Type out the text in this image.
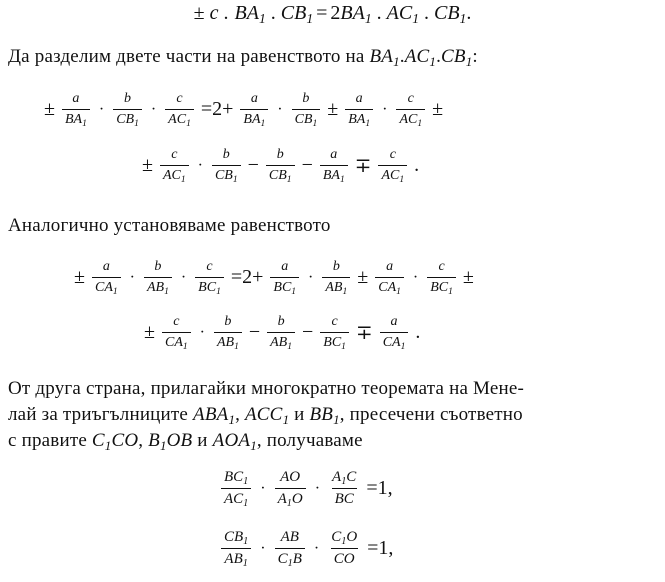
± c . $BA_1$ . $CB_1 = 2$ $BA_1$ . $AC_1$ . $CB_1$ .
Да разделим двете части на равенството на $BA_1.AC_1.CB_1$:
± $\frac{a}{BA_1} \cdot \frac{b}{CB_1} \cdot \frac{c}{AC_1} =2+ \frac{a}{BA_1} \cdot \frac{b}{CB_1} \pm \frac{a}{BA_1} \cdot \frac{c}{AC_1}$ ±
± $\frac{c}{AC_1} \cdot \frac{b}{CB_1} - \frac{b}{CB_1} - \frac{a}{BA_1} \mp \frac{c}{AC_1}$ .
Аналогично установяваме равенството
± $\frac{a}{CA_1} \cdot \frac{b}{AB_1} \cdot \frac{c}{BC_1} =2+ \frac{a}{BC_1} \cdot \frac{b}{AB_1} \pm \frac{a}{CA_1} \cdot \frac{c}{BC_1}$ ±
± $\frac{c}{CA_1} \cdot \frac{b}{AB_1} - \frac{b}{AB_1} - \frac{c}{BC_1} \mp \frac{a}{CA_1}$ .
От друга страна, прилагайки многократно теоремата на Мене-
лай за триъгълниците $ABA_1$, $ACC_1$ и $BB_1$, пресечени съответно
с правите $C_1CO$, $B_1OB$ и $AOA_1$, получаваме
$\frac{BC_1}{AC_1} \cdot \frac{AO}{A_1O} \cdot \frac{A_1C}{BC} =1$,
$\frac{CB_1}{AB_1} \cdot \frac{AB}{C_1B} \cdot \frac{C_1O}{CO} =1$,
